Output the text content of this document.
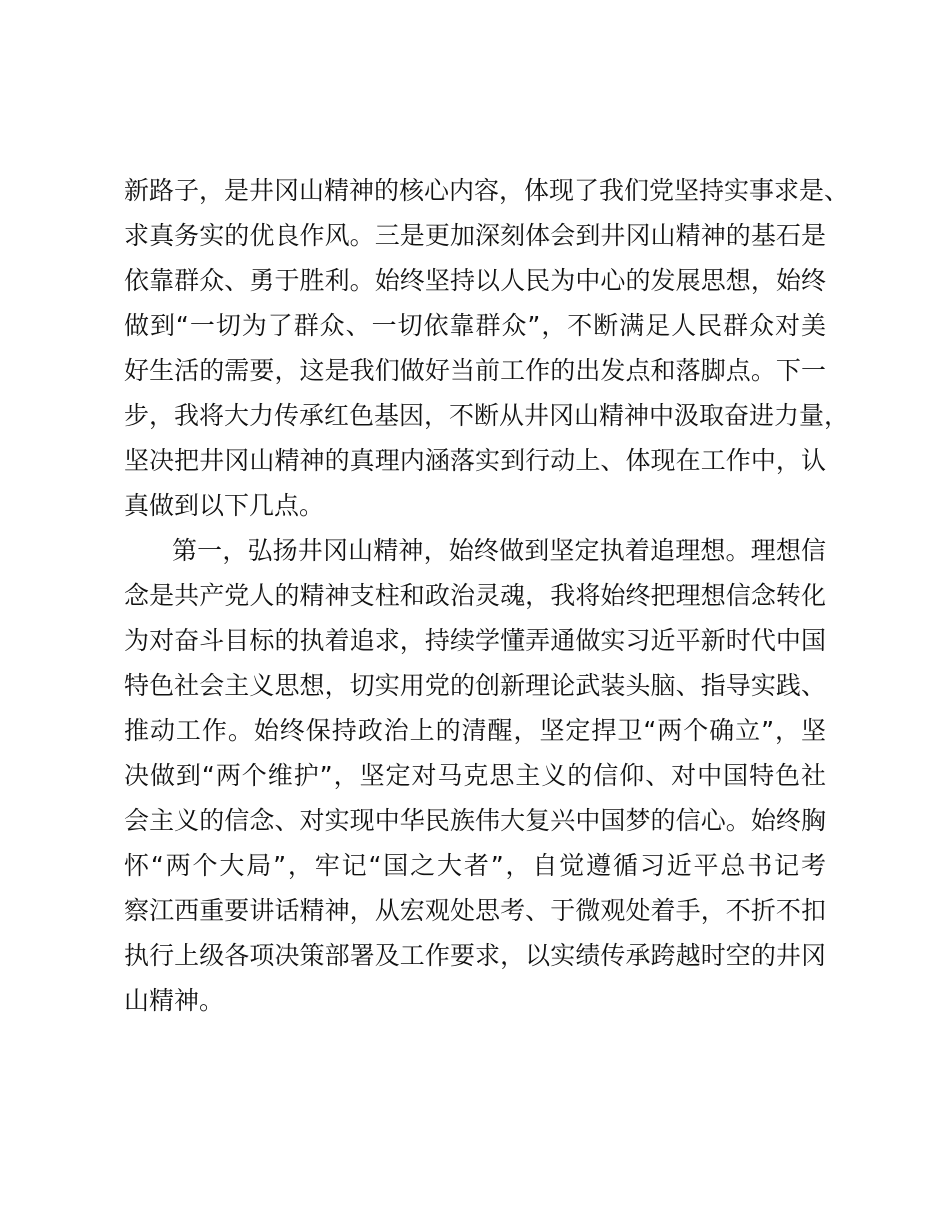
新路子，是井冈山精神的核心内容，体现了我们党坚持实事求是、
求真务实的优良作风。三是更加深刻体会到井冈山精神的基石是
依靠群众、勇于胜利。始终坚持以人民为中心的发展思想，始终
做到“一切为了群众、一切依靠群众”，不断满足人民群众对美
好生活的需要，这是我们做好当前工作的出发点和落脚点。下一
步，我将大力传承红色基因，不断从井冈山精神中汲取奋进力量，
坚决把井冈山精神的真理内涵落实到行动上、体现在工作中，认
真做到以下几点。
第一，弘扬井冈山精神，始终做到坚定执着追理想。理想信
念是共产党人的精神支柱和政治灵魂，我将始终把理想信念转化
为对奋斗目标的执着追求，持续学懂弄通做实习近平新时代中国
特色社会主义思想，切实用党的创新理论武装头脑、指导实践、
推动工作。始终保持政治上的清醒，坚定捍卫“两个确立”，坚
决做到“两个维护”，坚定对马克思主义的信仰、对中国特色社
会主义的信念、对实现中华民族伟大复兴中国梦的信心。始终胸
怀“两个大局”，牢记“国之大者”，自觉遵循习近平总书记考
察江西重要讲话精神，从宏观处思考、于微观处着手，不折不扣
执行上级各项决策部署及工作要求，以实绩传承跨越时空的井冈
山精神。
